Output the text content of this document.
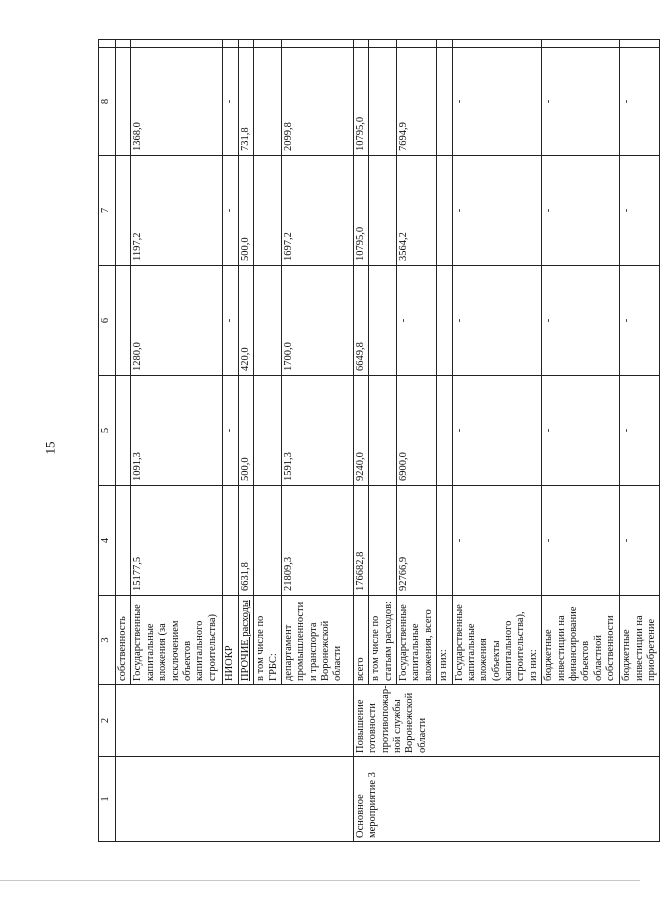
15
1	2	3	4	5	6	7	8	
		собственность						
		Государственные капитальные вложения (за исключением объектов капитального строительства)	15177,5	1091,3	1280,0	1197,2	1368,0	
		НИОКР		-	-	-	-	
		ПРОЧИЕ расходы	6631,8	500,0	420,0	500,0	731,8	
		в том числе по ГРБС:						
		департамент промышленности и транспорта Воронежской области	21809,3	1591,3	1700,0	1697,2	2099,8	
Основное мероприятие 3	Повышение готовности противопожар-ной службы Воронежской области	всего	176682,8	9240,0	6649,8	10795,0	10795,0	
		в том числе по статьям расходов:						
		Государственные капитальные вложения, всего	92766,9	6900,0	-	3564,2	7694,9	
		из них:						
		Государственные капитальные вложения (объекты капитального строительства), из них:	-	-	-	-	-	
		бюджетные инвестиции на финансирование объектов областной собственности	-	-	-	-	-	
		бюджетные инвестиции на приобретение	-	-	-	-	-	
